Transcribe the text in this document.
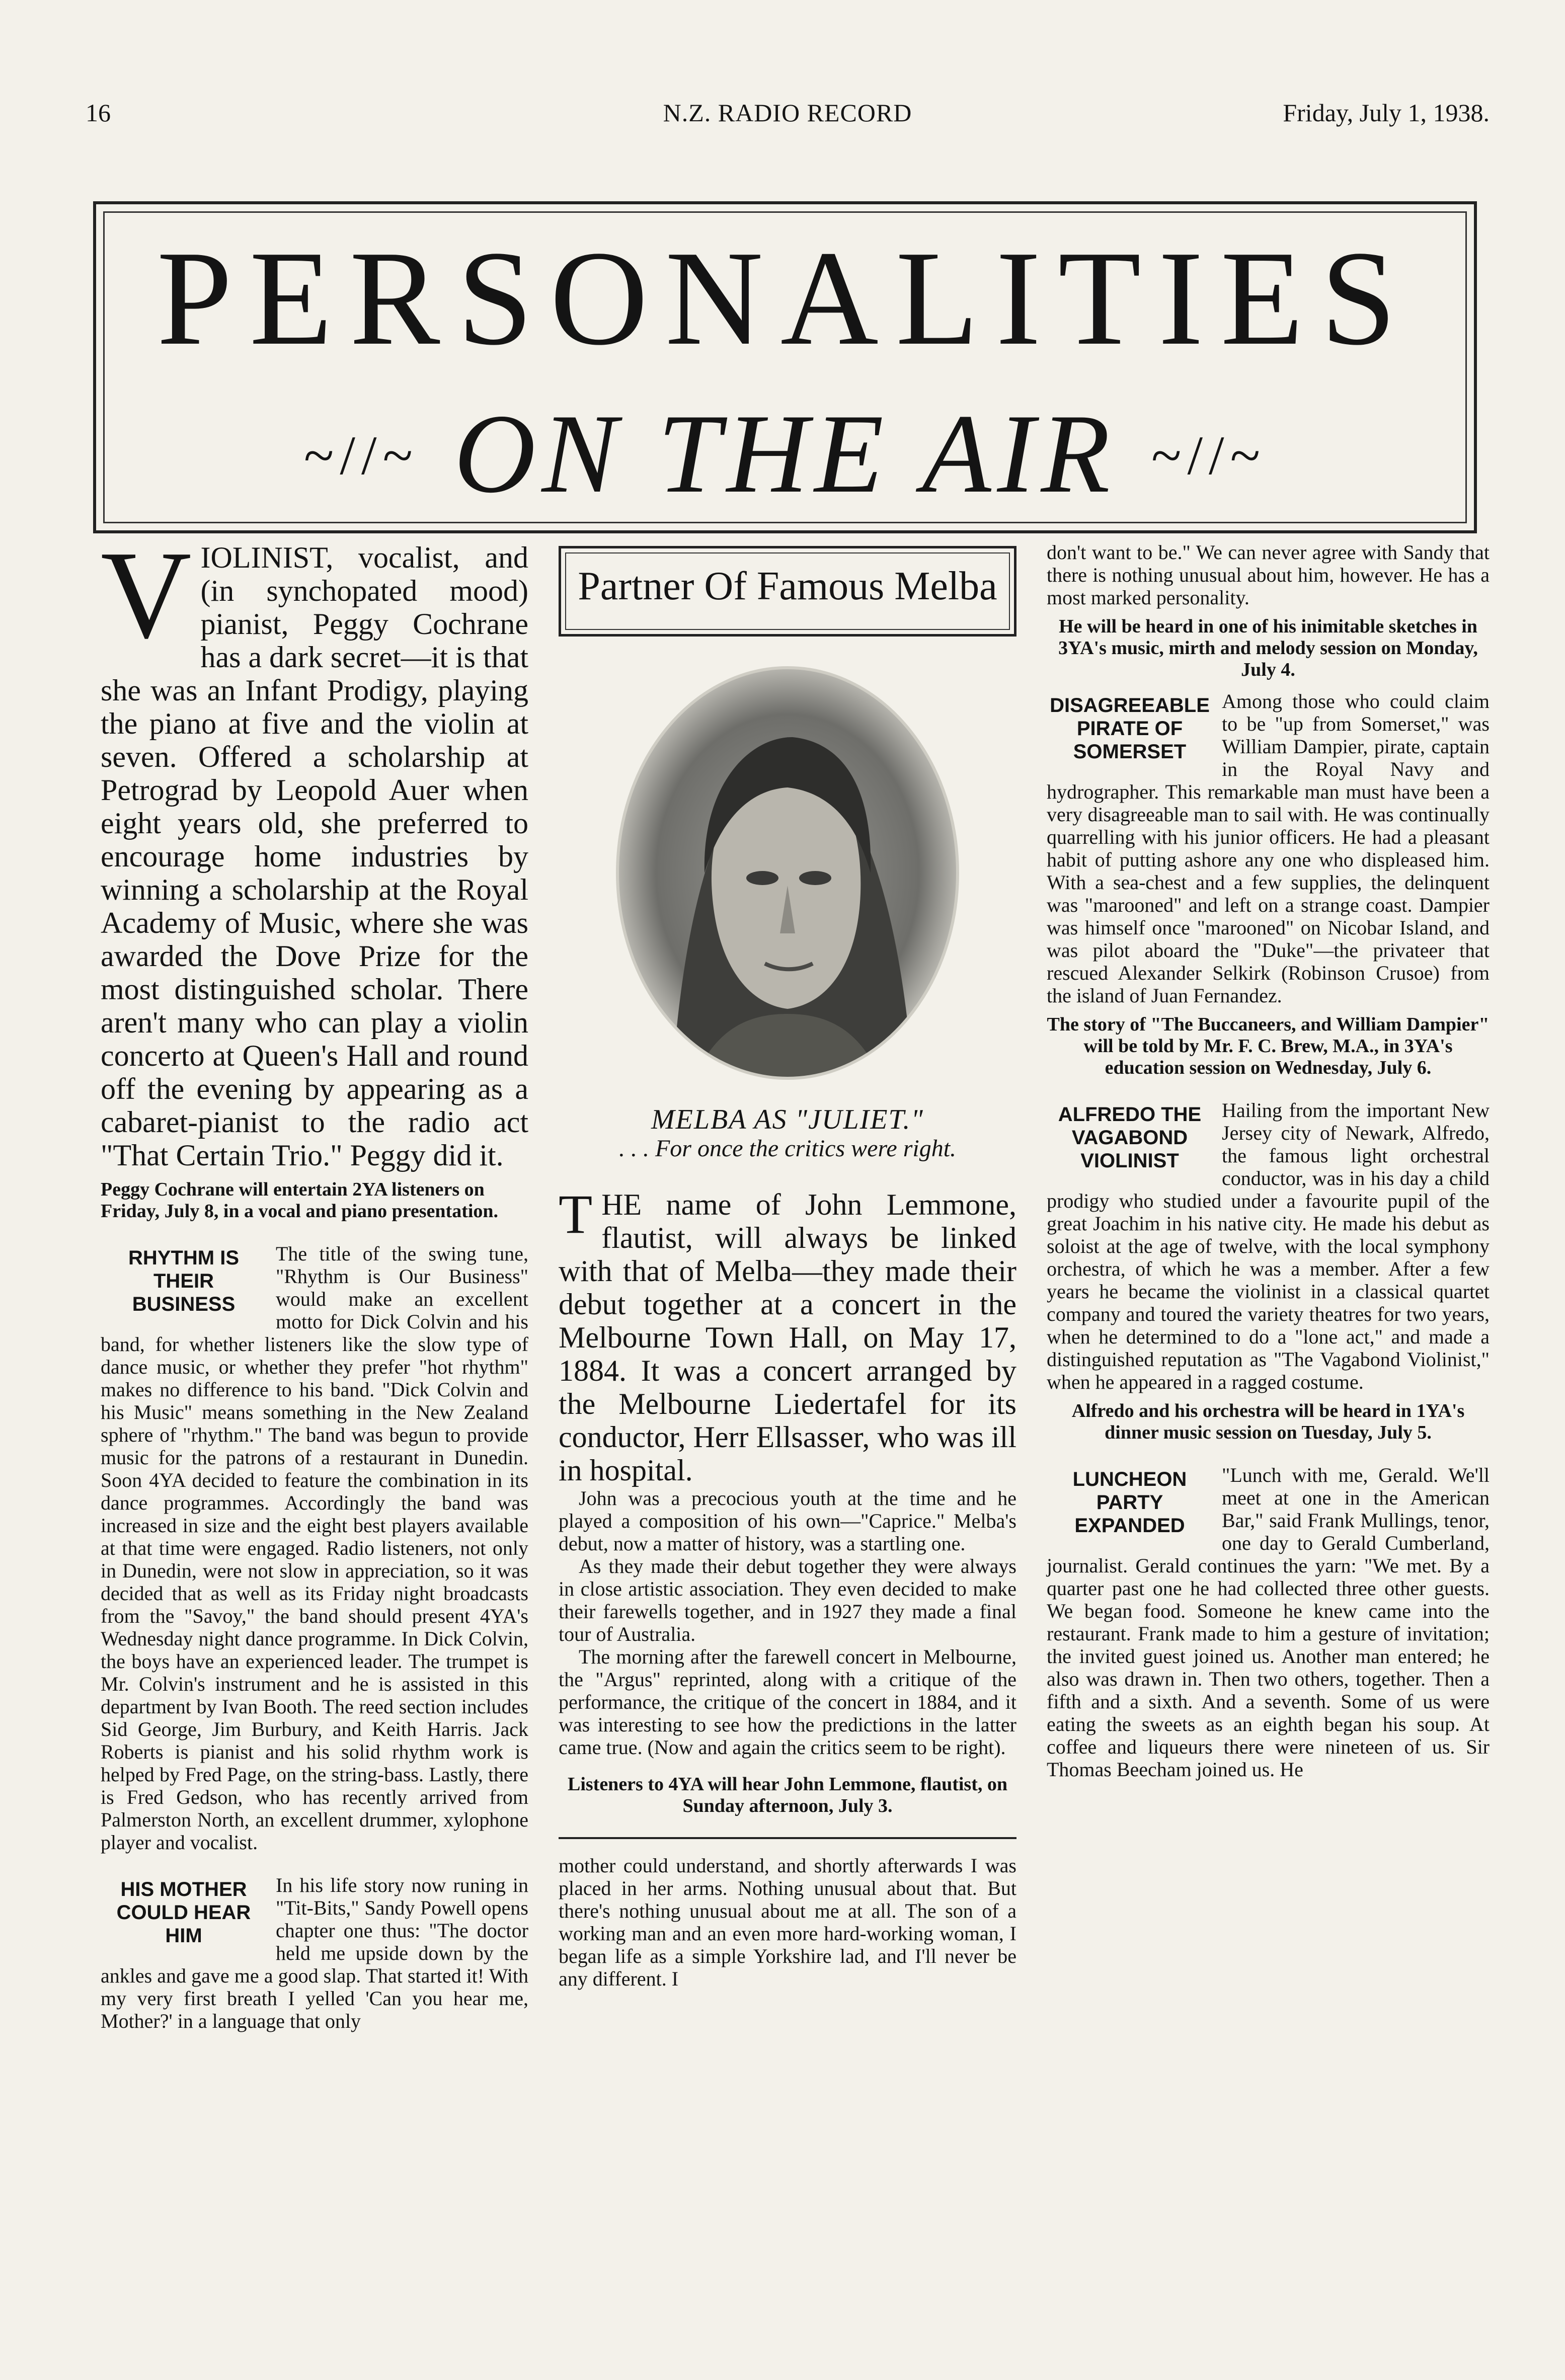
16	N.Z. RADIO RECORD	Friday, July 1, 1938.
PERSONALITIES
~//~ ON THE AIR ~//~

VIOLINIST, vocalist, and (in synchopated mood) pianist, Peggy Cochrane has a dark secret—it is that she was an Infant Prodigy, playing the piano at five and the violin at seven. Offered a scholarship at Petrograd by Leopold Auer when eight years old, she preferred to encourage home industries by winning a scholarship at the Royal Academy of Music, where she was awarded the Dove Prize for the most distinguished scholar. There aren't many who can play a violin concerto at Queen's Hall and round off the evening by appearing as a cabaret-pianist to the radio act "That Certain Trio." Peggy did it.

Peggy Cochrane will entertain 2YA listeners on Friday, July 8, in a vocal and piano presentation.
RHYTHM IS THEIR BUSINESS

The title of the swing tune, "Rhythm is Our Business" would make an excellent motto for Dick Colvin and his band, for whether listeners like the slow type of dance music, or whether they prefer "hot rhythm" makes no difference to his band. "Dick Colvin and his Music" means something in the New Zealand sphere of "rhythm." The band was begun to provide music for the patrons of a restaurant in Dunedin. Soon 4YA decided to feature the combination in its dance programmes. Accordingly the band was increased in size and the eight best players available at that time were engaged. Radio listeners, not only in Dunedin, were not slow in appreciation, so it was decided that as well as its Friday night broadcasts from the "Savoy," the band should present 4YA's Wednesday night dance programme. In Dick Colvin, the boys have an experienced leader. The trumpet is Mr. Colvin's instrument and he is assisted in this department by Ivan Booth. The reed section includes Sid George, Jim Burbury, and Keith Harris. Jack Roberts is pianist and his solid rhythm work is helped by Fred Page, on the string-bass. Lastly, there is Fred Gedson, who has recently arrived from Palmerston North, an excellent drummer, xylophone player and vocalist.

HIS MOTHER COULD HEAR HIM

In his life story now runing in "Tit-Bits," Sandy Powell opens chapter one thus: "The doctor held me upside down by the ankles and gave me a good slap. That started it! With my very first breath I yelled 'Can you hear me, Mother?' in a language that only

Partner Of Famous Melba
MELBA AS "JULIET."
. . . For once the critics were right.

THE name of John Lemmone, flautist, will always be linked with that of Melba—they made their debut together at a concert in the Melbourne Town Hall, on May 17, 1884. It was a concert arranged by the Melbourne Liedertafel for its conductor, Herr Ellsasser, who was ill in hospital.

John was a precocious youth at the time and he played a composition of his own—"Caprice." Melba's debut, now a matter of history, was a startling one.

As they made their debut together they were always in close artistic association. They even decided to make their farewells together, and in 1927 they made a final tour of Australia.

The morning after the farewell concert in Melbourne, the "Argus" reprinted, along with a critique of the performance, the critique of the concert in 1884, and it was interesting to see how the predictions in the latter came true. (Now and again the critics seem to be right).

Listeners to 4YA will hear John Lemmone, flautist, on Sunday afternoon, July 3.

mother could understand, and shortly afterwards I was placed in her arms. Nothing unusual about that. But there's nothing unusual about me at all. The son of a working man and an even more hard-working woman, I began life as a simple Yorkshire lad, and I'll never be any different. I

don't want to be." We can never agree with Sandy that there is nothing unusual about him, however. He has a most marked personality.

He will be heard in one of his inimitable sketches in 3YA's music, mirth and melody session on Monday, July 4.
DISAGREEABLE PIRATE OF SOMERSET

Among those who could claim to be "up from Somerset," was William Dampier, pirate, captain in the Royal Navy and hydrographer. This remarkable man must have been a very disagreeable man to sail with. He was continually quarrelling with his junior officers. He had a pleasant habit of putting ashore any one who displeased him. With a sea-chest and a few supplies, the delinquent was "marooned" and left on a strange coast. Dampier was himself once "marooned" on Nicobar Island, and was pilot aboard the "Duke"—the privateer that rescued Alexander Selkirk (Robinson Crusoe) from the island of Juan Fernandez.

The story of "The Buccaneers, and William Dampier" will be told by Mr. F. C. Brew, M.A., in 3YA's education session on Wednesday, July 6.
ALFREDO THE VAGABOND VIOLINIST

Hailing from the important New Jersey city of Newark, Alfredo, the famous light orchestral conductor, was in his day a child prodigy who studied under a favourite pupil of the great Joachim in his native city. He made his debut as soloist at the age of twelve, with the local symphony orchestra, of which he was a member. After a few years he became the violinist in a classical quartet company and toured the variety theatres for two years, when he determined to do a "lone act," and made a distinguished reputation as "The Vagabond Violinist," when he appeared in a ragged costume.

Alfredo and his orchestra will be heard in 1YA's dinner music session on Tuesday, July 5.
LUNCHEON PARTY EXPANDED

"Lunch with me, Gerald. We'll meet at one in the American Bar," said Frank Mullings, tenor, one day to Gerald Cumberland, journalist. Gerald continues the yarn: "We met. By a quarter past one he had collected three other guests. We began food. Someone he knew came into the restaurant. Frank made to him a gesture of invitation; the invited guest joined us. Another man entered; he also was drawn in. Then two others, together. Then a fifth and a sixth. And a seventh. Some of us were eating the sweets as an eighth began his soup. At coffee and liqueurs there were nineteen of us. Sir Thomas Beecham joined us. He
